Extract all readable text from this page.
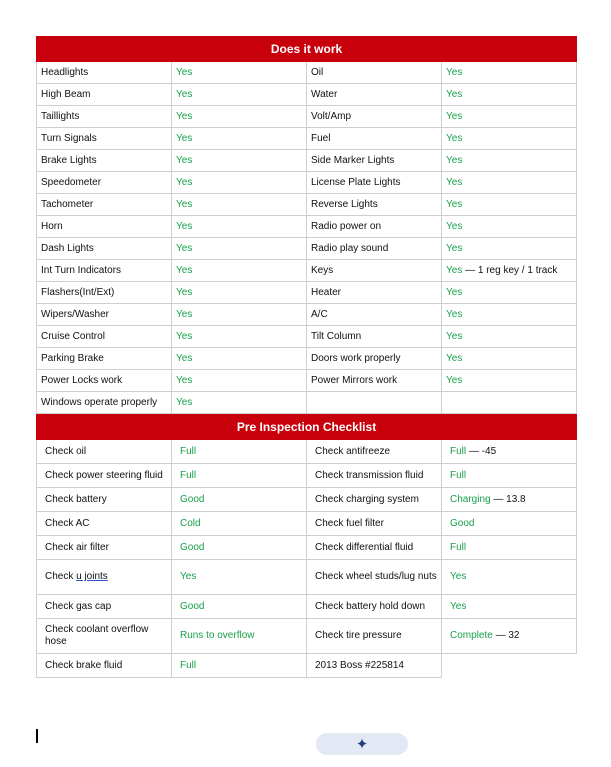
Does it work			
Headlights	Yes	Oil	Yes
High Beam	Yes	Water	Yes
Taillights	Yes	Volt/Amp	Yes
Turn Signals	Yes	Fuel	Yes
Brake Lights	Yes	Side Marker Lights	Yes
Speedometer	Yes	License Plate Lights	Yes
Tachometer	Yes	Reverse Lights	Yes
Horn	Yes	Radio power on	Yes
Dash Lights	Yes	Radio play sound	Yes
Int Turn Indicators	Yes	Keys	Yes — 1 reg key / 1 track
Flashers(Int/Ext)	Yes	Heater	Yes
Wipers/Washer	Yes	A/C	Yes
Cruise Control	Yes	Tilt Column	Yes
Parking Brake	Yes	Doors work properly	Yes
Power Locks work	Yes	Power Mirrors work	Yes
Windows operate properly	Yes		
Pre Inspection Checklist			
Check oil	Full	Check antifreeze	Full — -45
Check power steering fluid	Full	Check transmission fluid	Full
Check battery	Good	Check charging system	Charging — 13.8
Check AC	Cold	Check fuel filter	Good
Check air filter	Good	Check differential fluid	Full
Check u joints	Yes	Check wheel studs/lug nuts	Yes
Check gas cap	Good	Check battery hold down	Yes
Check coolant overflow hose	Runs to overflow	Check tire pressure	Complete — 32
Check brake fluid	Full	2013 Boss #225814	
✦
